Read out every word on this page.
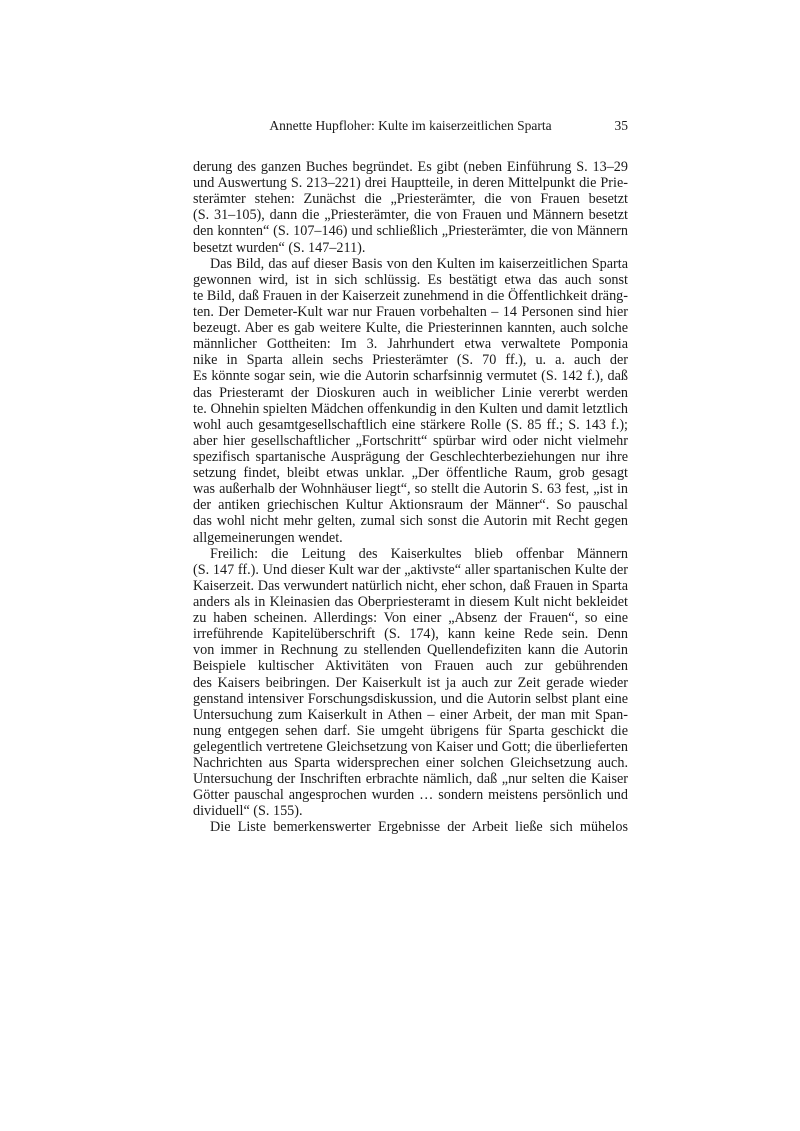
Annette Hupfloher: Kulte im kaiserzeitlichen Sparta	35
derung des ganzen Buches begründet. Es gibt (neben Einführung S. 13–29
und Auswertung S. 213–221) drei Hauptteile, in deren Mittelpunkt die Prie-
sterämter stehen: Zunächst die „Priesterämter, die von Frauen besetzt
(S. 31–105), dann die „Priesterämter, die von Frauen und Männern besetzt
den konnten“ (S. 107–146) und schließlich „Priesterämter, die von Männern
besetzt wurden“ (S. 147–211).
Das Bild, das auf dieser Basis von den Kulten im kaiserzeitlichen Sparta
gewonnen wird, ist in sich schlüssig. Es bestätigt etwa das auch sonst
te Bild, daß Frauen in der Kaiserzeit zunehmend in die Öffentlichkeit dräng-
ten. Der Demeter-Kult war nur Frauen vorbehalten – 14 Personen sind hier
bezeugt. Aber es gab weitere Kulte, die Priesterinnen kannten, auch solche
männlicher Gottheiten: Im 3. Jahrhundert etwa verwaltete Pomponia
nike in Sparta allein sechs Priesterämter (S. 70 ff.), u. a. auch der
Es könnte sogar sein, wie die Autorin scharfsinnig vermutet (S. 142 f.), daß
das Priesteramt der Dioskuren auch in weiblicher Linie vererbt werden
te. Ohnehin spielten Mädchen offenkundig in den Kulten und damit letztlich
wohl auch gesamtgesellschaftlich eine stärkere Rolle (S. 85 ff.; S. 143 f.);
aber hier gesellschaftlicher „Fortschritt“ spürbar wird oder nicht vielmehr
spezifisch spartanische Ausprägung der Geschlechterbeziehungen nur ihre
setzung findet, bleibt etwas unklar. „Der öffentliche Raum, grob gesagt
was außerhalb der Wohnhäuser liegt“, so stellt die Autorin S. 63 fest, „ist in
der antiken griechischen Kultur Aktionsraum der Männer“. So pauschal
das wohl nicht mehr gelten, zumal sich sonst die Autorin mit Recht gegen
allgemeinerungen wendet.
Freilich: die Leitung des Kaiserkultes blieb offenbar Männern
(S. 147 ff.). Und dieser Kult war der „aktivste“ aller spartanischen Kulte der
Kaiserzeit. Das verwundert natürlich nicht, eher schon, daß Frauen in Sparta
anders als in Kleinasien das Oberpriesteramt in diesem Kult nicht bekleidet
zu haben scheinen. Allerdings: Von einer „Absenz der Frauen“, so eine
irreführende Kapitelüberschrift (S. 174), kann keine Rede sein. Denn
von immer in Rechnung zu stellenden Quellendefiziten kann die Autorin
Beispiele kultischer Aktivitäten von Frauen auch zur gebührenden
des Kaisers beibringen. Der Kaiserkult ist ja auch zur Zeit gerade wieder
genstand intensiver Forschungsdiskussion, und die Autorin selbst plant eine
Untersuchung zum Kaiserkult in Athen – einer Arbeit, der man mit Span-
nung entgegen sehen darf. Sie umgeht übrigens für Sparta geschickt die
gelegentlich vertretene Gleichsetzung von Kaiser und Gott; die überlieferten
Nachrichten aus Sparta widersprechen einer solchen Gleichsetzung auch.
Untersuchung der Inschriften erbrachte nämlich, daß „nur selten die Kaiser
Götter pauschal angesprochen wurden … sondern meistens persönlich und
dividuell“ (S. 155).
Die Liste bemerkenswerter Ergebnisse der Arbeit ließe sich mühelos
